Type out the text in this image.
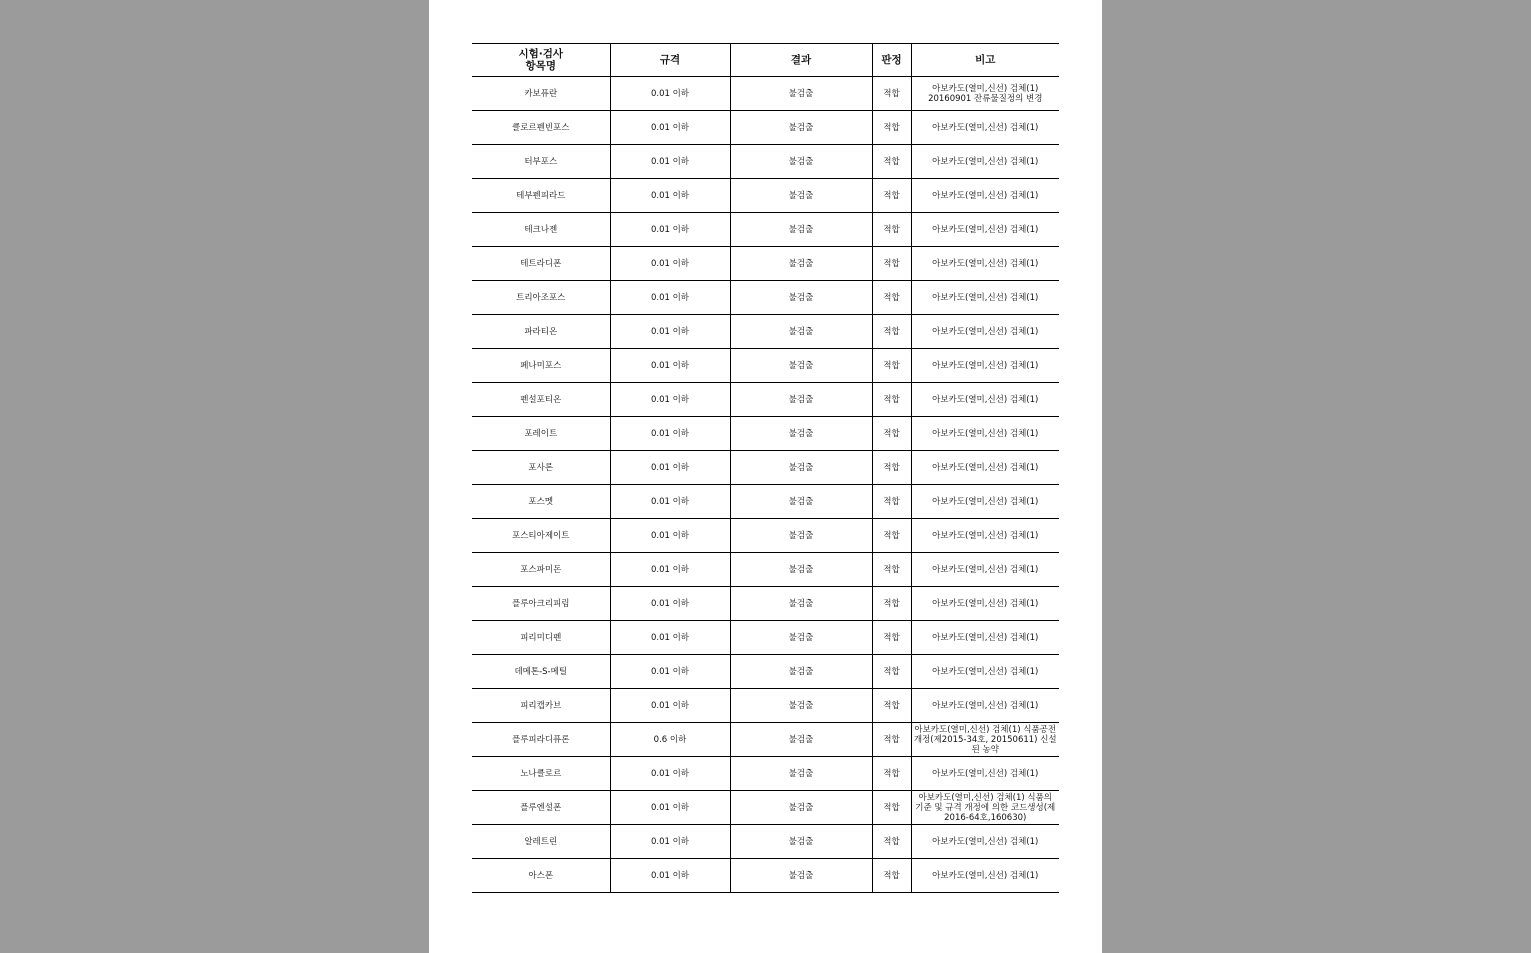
시험·검사
항목명	규격	결과	판정	비고
카보퓨란	0.01 이하	불검출	적합	아보카도(열미,신선) 검체(1) 20160901 잔류물질정의 변경
클로르펜빈포스	0.01 이하	불검출	적합	아보카도(열미,신선) 검체(1)
터부포스	0.01 이하	불검출	적합	아보카도(열미,신선) 검체(1)
테부펜피라드	0.01 이하	불검출	적합	아보카도(열미,신선) 검체(1)
테크나젠	0.01 이하	불검출	적합	아보카도(열미,신선) 검체(1)
테트라디폰	0.01 이하	불검출	적합	아보카도(열미,신선) 검체(1)
트리아조포스	0.01 이하	불검출	적합	아보카도(열미,신선) 검체(1)
파라티온	0.01 이하	불검출	적합	아보카도(열미,신선) 검체(1)
페나미포스	0.01 이하	불검출	적합	아보카도(열미,신선) 검체(1)
펜설포티온	0.01 이하	불검출	적합	아보카도(열미,신선) 검체(1)
포레이트	0.01 이하	불검출	적합	아보카도(열미,신선) 검체(1)
포사론	0.01 이하	불검출	적합	아보카도(열미,신선) 검체(1)
포스멧	0.01 이하	불검출	적합	아보카도(열미,신선) 검체(1)
포스티아제이트	0.01 이하	불검출	적합	아보카도(열미,신선) 검체(1)
포스파미돈	0.01 이하	불검출	적합	아보카도(열미,신선) 검체(1)
플루아크리피림	0.01 이하	불검출	적합	아보카도(열미,신선) 검체(1)
피리미디펜	0.01 이하	불검출	적합	아보카도(열미,신선) 검체(1)
데메톤-S-메틸	0.01 이하	불검출	적합	아보카도(열미,신선) 검체(1)
피리캡카브	0.01 이하	불검출	적합	아보카도(열미,신선) 검체(1)
플루피라디퓨론	0.6 이하	불검출	적합	아보카도(열미,신선) 검체(1) 식품공전 개정(제2015-34호, 20150611) 신설된 농약
노나클로르	0.01 이하	불검출	적합	아보카도(열미,신선) 검체(1)
플루엔설폰	0.01 이하	불검출	적합	아보카도(열미,신선) 검체(1) 식품의 기준 및 규격 개정에 의한 코드생성(제2016-64호,160630)
알레트린	0.01 이하	불검출	적합	아보카도(열미,신선) 검체(1)
아스폰	0.01 이하	불검출	적합	아보카도(열미,신선) 검체(1)
